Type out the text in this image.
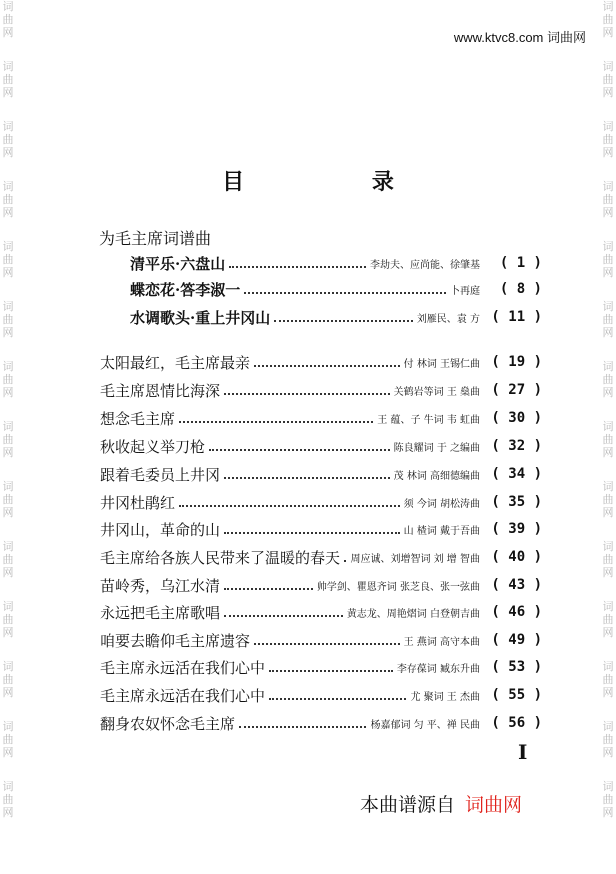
词
曲
网
词
曲
网
词
曲
网
词
曲
网
词
曲
网
词
曲
网
词
曲
网
词
曲
网
词
曲
网
词
曲
网
词
曲
网
词
曲
网
词
曲
网
词
曲
网
词
曲
网
词
曲
网
词
曲
网
词
曲
网
词
曲
网
词
曲
网
词
曲
网
词
曲
网
词
曲
网
词
曲
网
词
曲
网
词
曲
网
词
曲
网
词
曲
网
www.ktvc8.com 词曲网
目 录
为毛主席词谱曲
清平乐·六盘山	李劫夫、应尚能、徐肇基	( 1 )
蝶恋花·答李淑一	卜再庭	( 8 )
水调歌头·重上井冈山	刘雁民、袁 方 ( 11 )
太阳最红，毛主席最亲	付 林词 王锡仁曲 ( 19 )
毛主席恩情比海深	关鹤岩等词 王 燊曲 ( 27 )
想念毛主席	王 蕴、子 牛词 韦 虹曲 ( 30 )
秋收起义举刀枪	陈良耀词 于 之编曲 ( 32 )
跟着毛委员上井冈	茂 林词 高细德编曲 ( 34 )
井冈杜鹃红	须 今词 胡松涛曲 ( 35 )
井冈山，革命的山	山 楂词 戴于吾曲 ( 39 )
毛主席给各族人民带来了温暖的春天 周应诚、刘增智词 刘 增 智曲 ( 40 )
苗岭秀，乌江水清	帅学剑、瞿恩齐词 张芝良、张一弦曲 ( 43 )
永远把毛主席歌唱	黄志龙、周艳熠词 白登朝吉曲 ( 46 )
咱要去瞻仰毛主席遗容	王 燕词 高守本曲 ( 49 )
毛主席永远活在我们心中	李存葆词 臧东升曲 ( 53 )
毛主席永远活在我们心中	尤 聚词 王 杰曲 ( 55 )
翻身农奴怀念毛主席	杨嘉郁词 匀 平、禅 民曲 ( 56 )
I
本曲谱源自 词曲网
